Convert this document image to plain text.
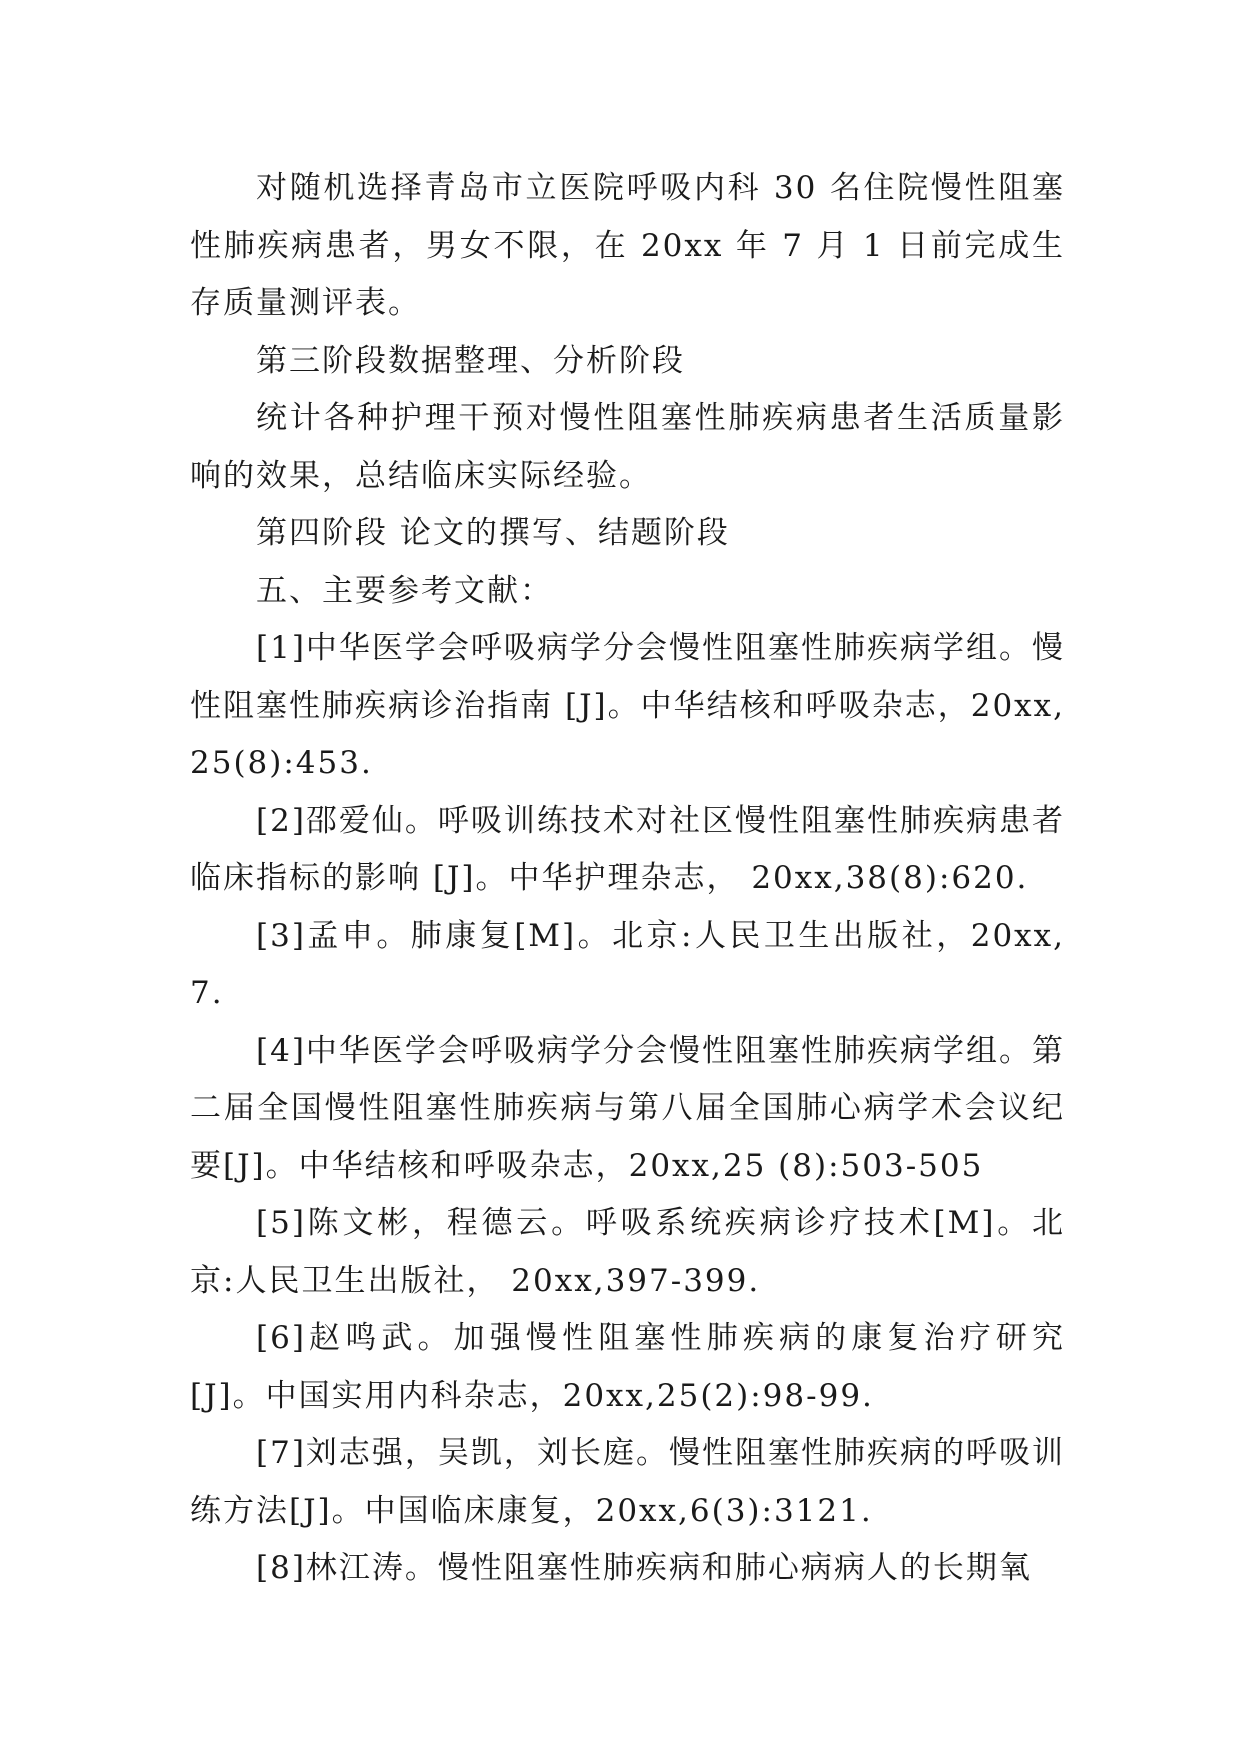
对随机选择青岛市立医院呼吸内科 30 名住院慢性阻塞性肺疾病患者，男女不限，在 20xx 年 7 月 1 日前完成生存质量测评表。

第三阶段数据整理、分析阶段

统计各种护理干预对慢性阻塞性肺疾病患者生活质量影响的效果，总结临床实际经验。

第四阶段 论文的撰写、结题阶段

五、主要参考文献：

[1]中华医学会呼吸病学分会慢性阻塞性肺疾病学组。慢性阻塞性肺疾病诊治指南 [J]。中华结核和呼吸杂志，20xx,25(8):453.

[2]邵爱仙。呼吸训练技术对社区慢性阻塞性肺疾病患者临床指标的影响 [J]。中华护理杂志， 20xx,38(8):620.

[3]孟申。肺康复[M]。北京:人民卫生出版社，20xx,7.

[4]中华医学会呼吸病学分会慢性阻塞性肺疾病学组。第二届全国慢性阻塞性肺疾病与第八届全国肺心病学术会议纪要[J]。中华结核和呼吸杂志，20xx,25 (8):503-505

[5]陈文彬，程德云。呼吸系统疾病诊疗技术[M]。北京:人民卫生出版社， 20xx,397-399.

[6]赵鸣武。加强慢性阻塞性肺疾病的康复治疗研究[J]。中国实用内科杂志，20xx,25(2):98-99.

[7]刘志强，吴凯，刘长庭。慢性阻塞性肺疾病的呼吸训练方法[J]。中国临床康复，20xx,6(3):3121.

[8]林江涛。慢性阻塞性肺疾病和肺心病病人的长期氧
